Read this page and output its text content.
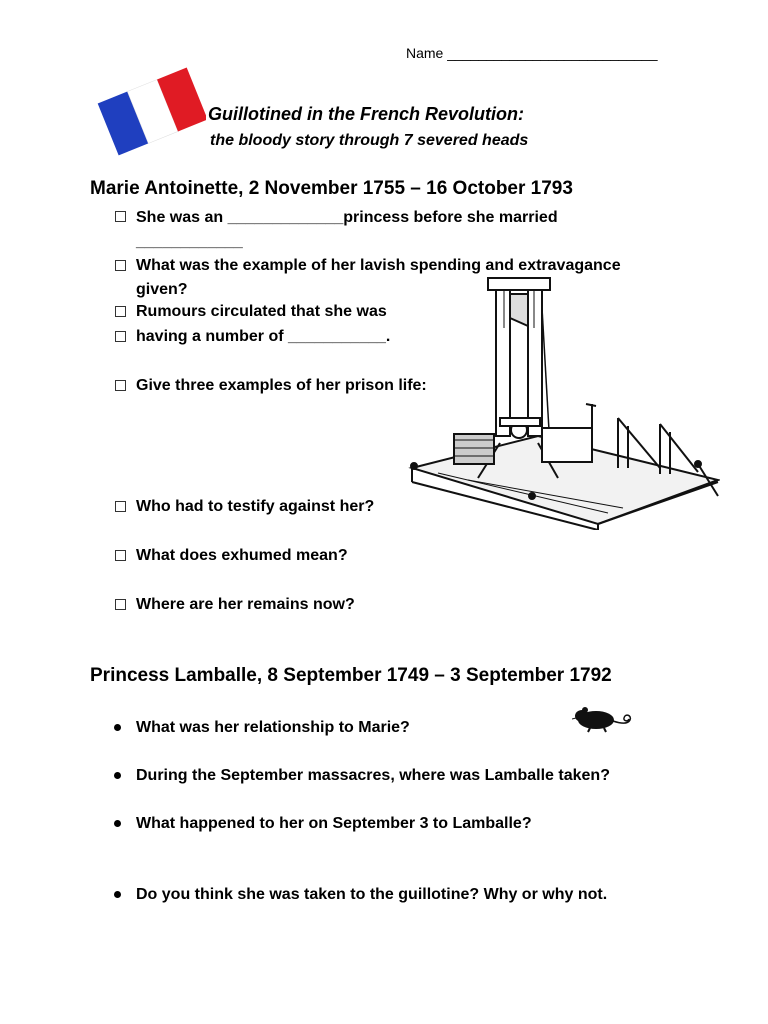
Name ___________________________
Guillotined in the French Revolution:
the bloody story through 7 severed heads
Marie Antoinette, 2 November 1755 – 16 October 1793
She was an _____________princess before she married
____________
What was the example of her lavish spending and extravagance
given?
Rumours circulated that she was
having a number of ___________.
Give three examples of her prison life:
Who had to testify against her?
What does exhumed mean?
Where are her remains now?
Princess Lamballe, 8 September 1749 – 3 September 1792
What was her relationship to Marie?
During the September massacres, where was Lamballe taken?
What happened to her on September 3 to Lamballe?
Do you think she was taken to the guillotine? Why or why not.
